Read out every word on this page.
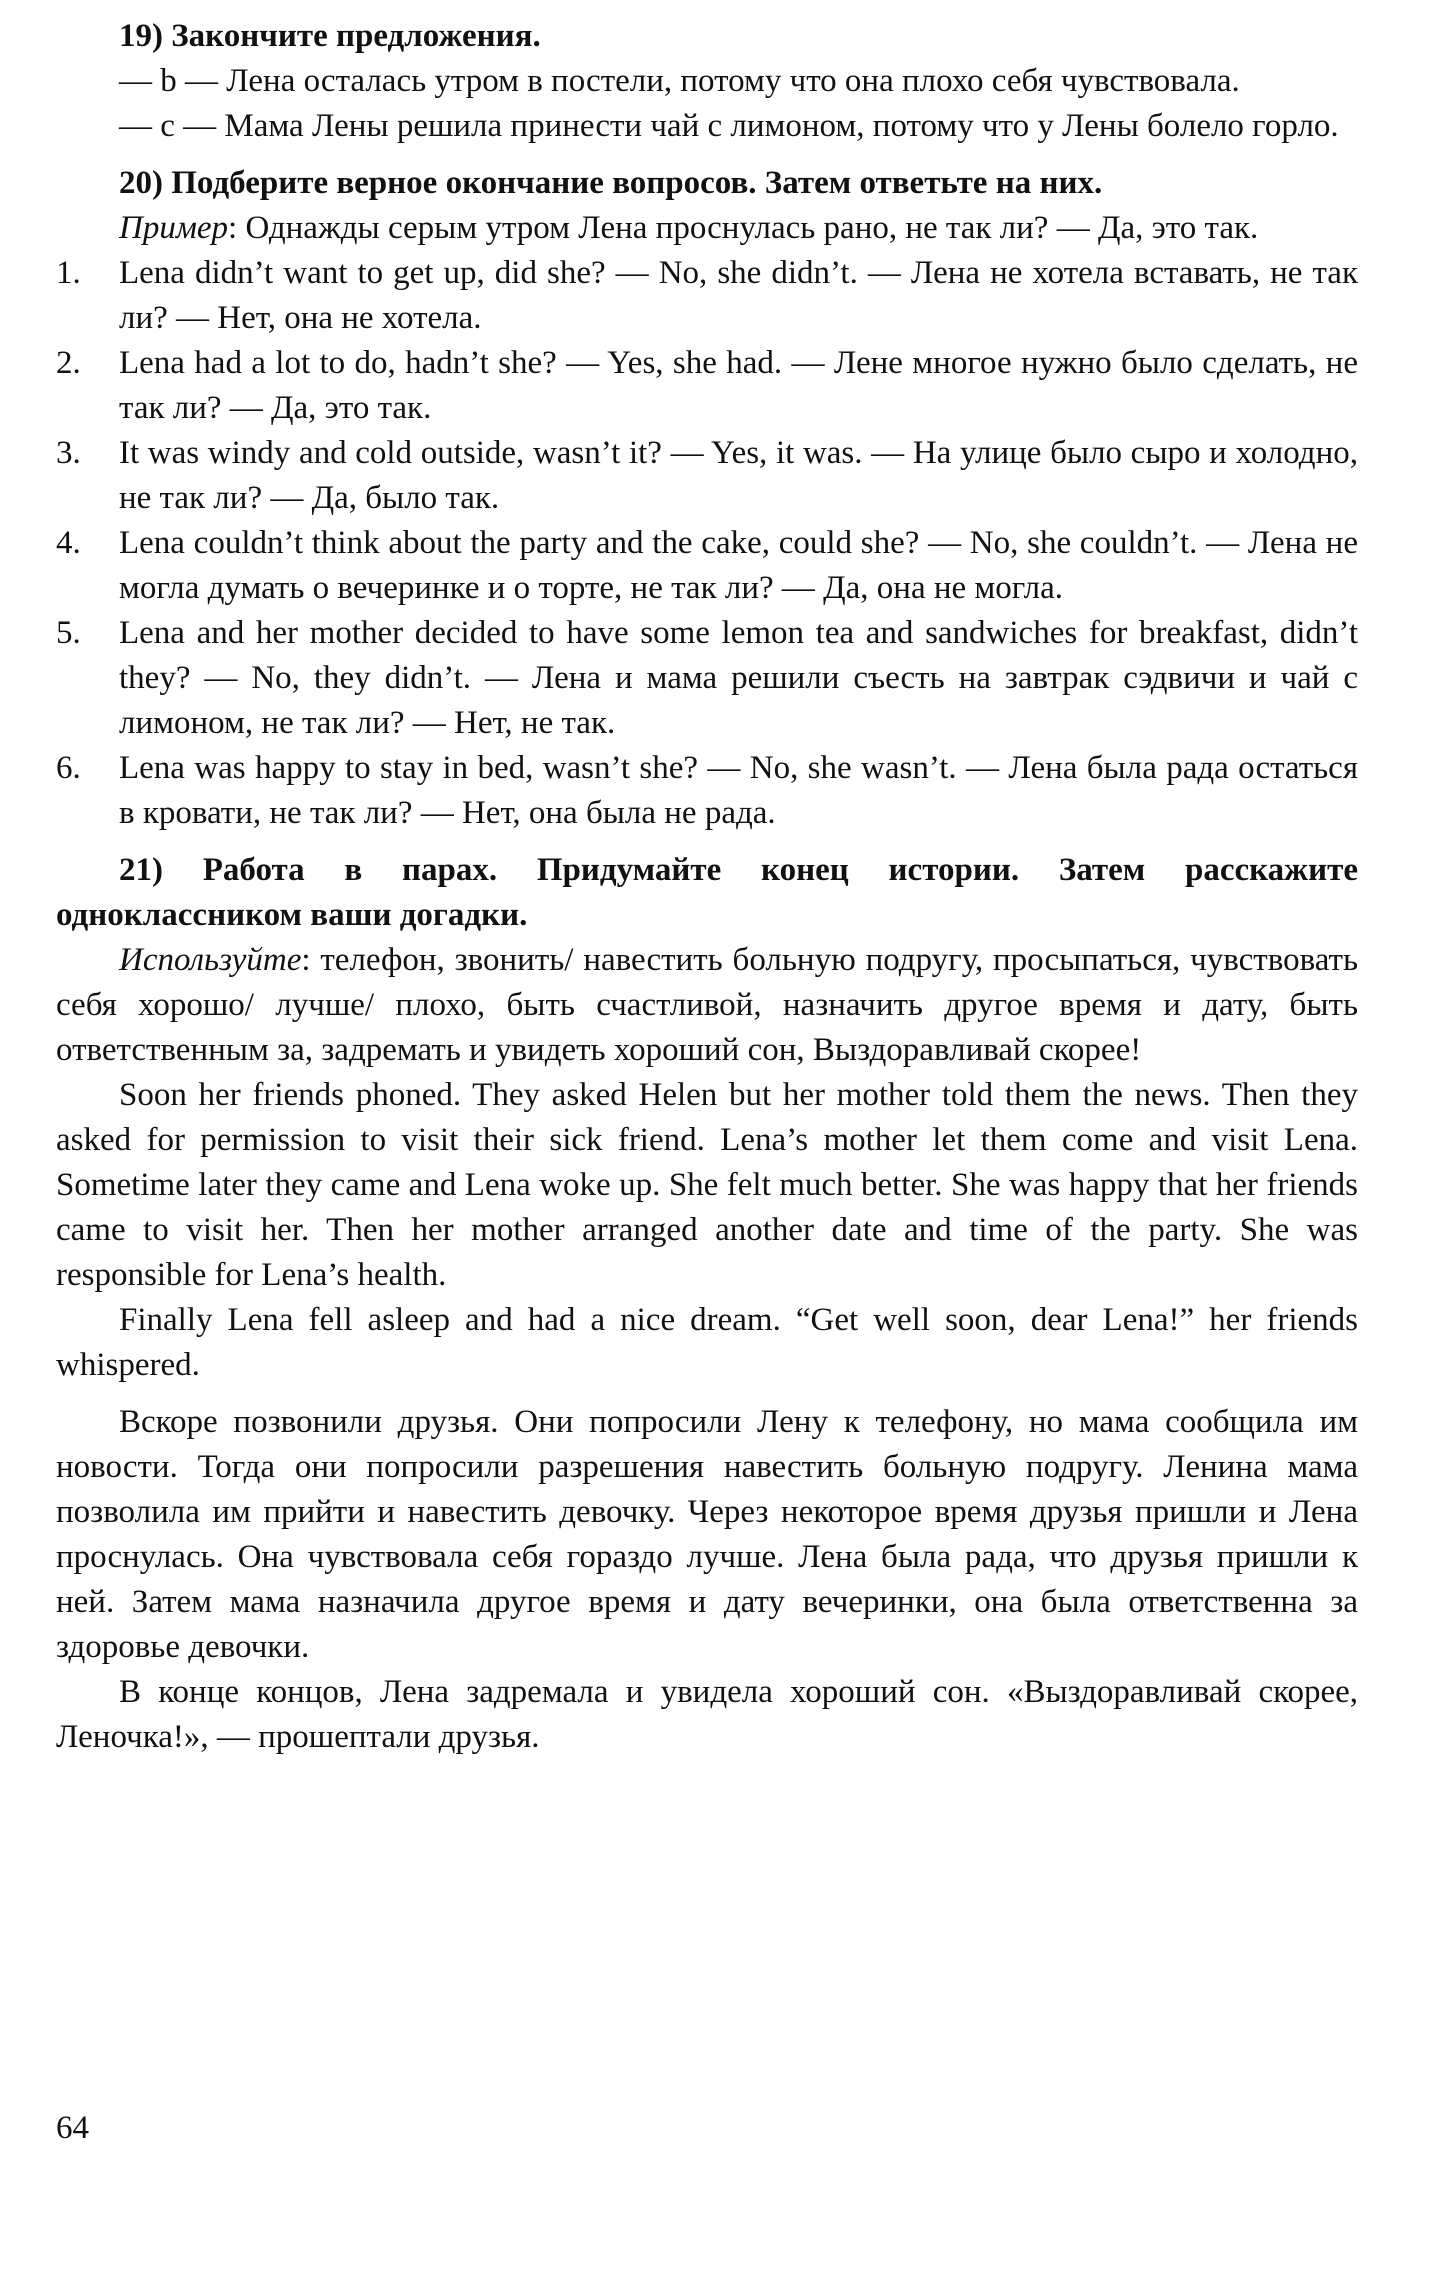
19) Закончите предложения.

— b — Лена осталась утром в постели, потому что она плохо себя чувствовала.

— c — Мама Лены решила принести чай с лимоном, потому что у Лены болело горло.

20) Подберите верное окончание вопросов. Затем ответьте на них.

Пример: Однажды серым утром Лена проснулась рано, не так ли? — Да, это так.

1. Lena didn’t want to get up, did she? — No, she didn’t. — Лена не хотела вставать, не так ли? — Нет, она не хотела.
2. Lena had a lot to do, hadn’t she? — Yes, she had. — Лене многое нужно было сделать, не так ли? — Да, это так.
3. It was windy and cold outside, wasn’t it? — Yes, it was. — На улице было сыро и холодно, не так ли? — Да, было так.
4. Lena couldn’t think about the party and the cake, could she? — No, she couldn’t. — Лена не могла думать о вечеринке и о торте, не так ли? — Да, она не могла.
5. Lena and her mother decided to have some lemon tea and sandwiches for breakfast, didn’t they? — No, they didn’t. — Лена и мама решили съесть на завтрак сэдвичи и чай с лимоном, не так ли? — Нет, не так.
6. Lena was happy to stay in bed, wasn’t she? — No, she wasn’t. — Лена была рада остаться в кровати, не так ли? — Нет, она была не рада.
21) Работа в парах. Придумайте конец истории. Затем расскажите одноклассником ваши догадки.

Используйте: телефон, звонить/ навестить больную подругу, просыпаться, чувствовать себя хорошо/ лучше/ плохо, быть счастливой, назначить другое время и дату, быть ответственным за, задремать и увидеть хороший сон, Выздоравливай скорее!

Soon her friends phoned. They asked Helen but her mother told them the news. Then they asked for permission to visit their sick friend. Lena’s mother let them come and visit Lena. Sometime later they came and Lena woke up. She felt much better. She was happy that her friends came to visit her. Then her mother arranged another date and time of the party. She was responsible for Lena’s health.

Finally Lena fell asleep and had a nice dream. “Get well soon, dear Lena!” her friends whispered.

Вскоре позвонили друзья. Они попросили Лену к телефону, но мама сообщила им новости. Тогда они попросили разрешения навестить больную подругу. Ленина мама позволила им прийти и навестить девочку. Через некоторое время друзья пришли и Лена проснулась. Она чувствовала себя гораздо лучше. Лена была рада, что друзья пришли к ней. Затем мама назначила другое время и дату вечеринки, она была ответственна за здоровье девочки.

В конце концов, Лена задремала и увидела хороший сон. «Выздоравливай скорее, Леночка!», — прошептали друзья.

64
